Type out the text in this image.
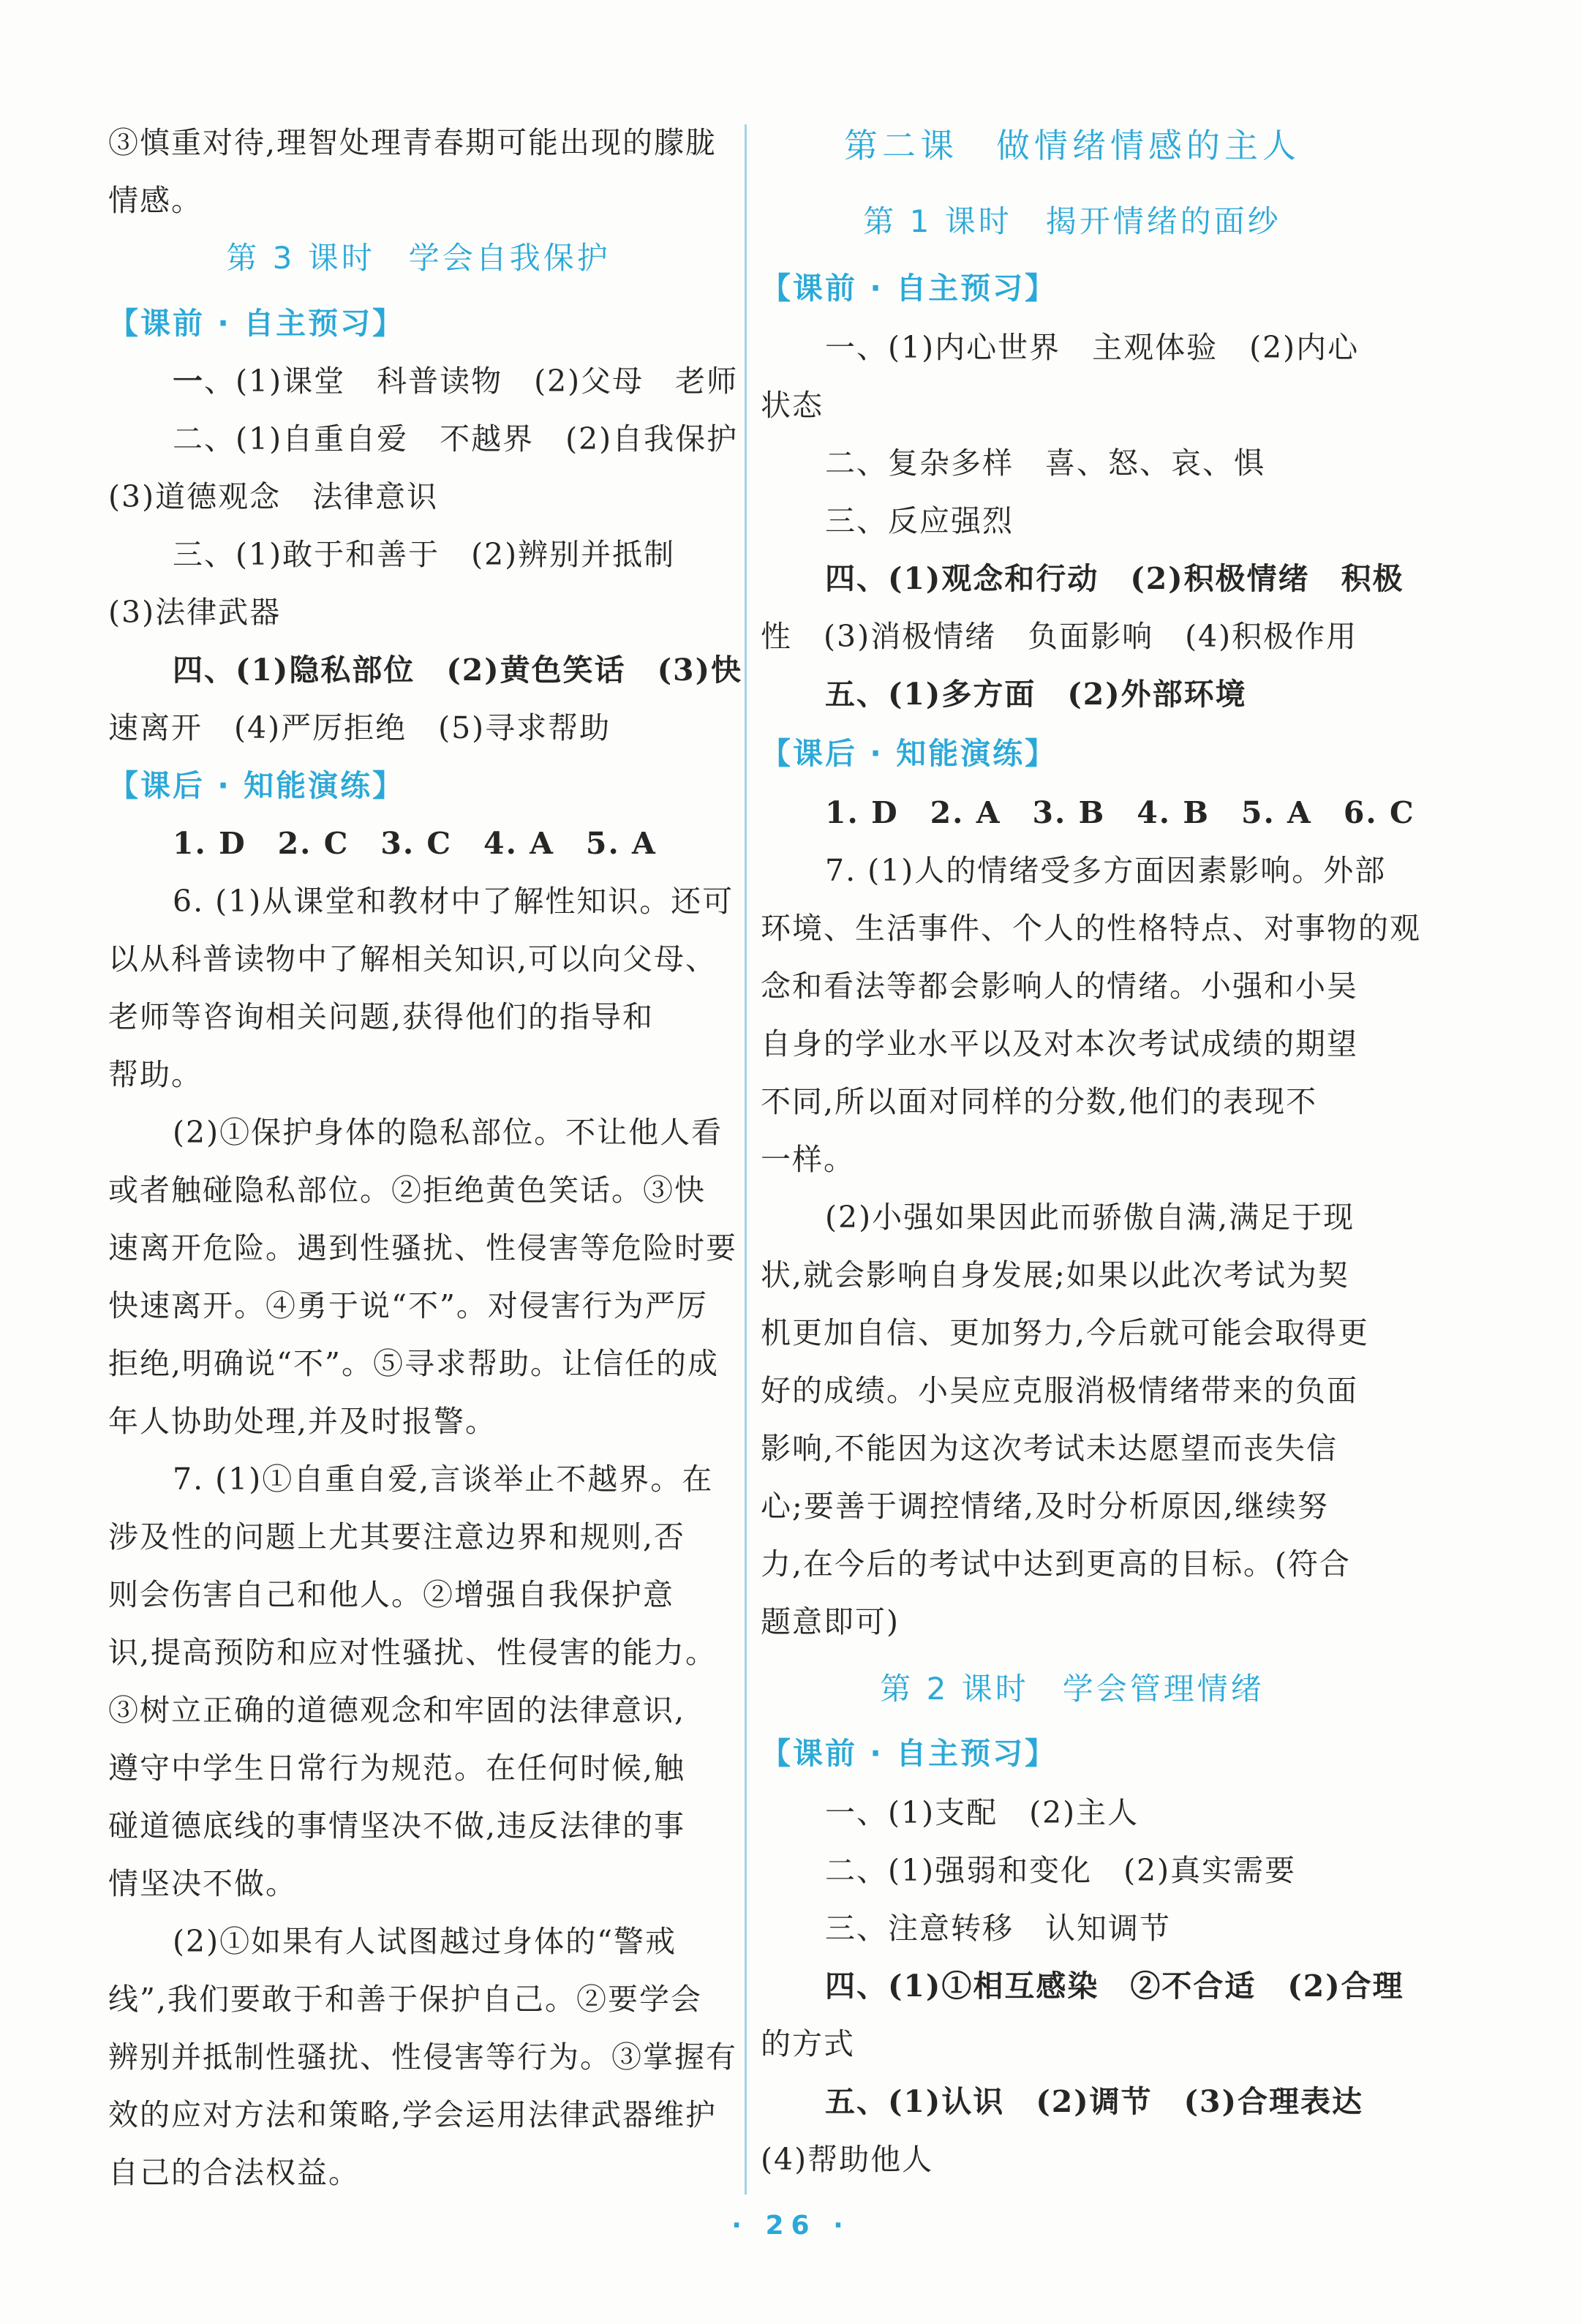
③慎重对待,理智处理青春期可能出现的朦胧
情感。
第 3 课时　学会自我保护
【课前 · 自主预习】
一、(1)课堂　科普读物　(2)父母　老师
二、(1)自重自爱　不越界　(2)自我保护
(3)道德观念　法律意识
三、(1)敢于和善于　(2)辨别并抵制
(3)法律武器
四、(1)隐私部位　(2)黄色笑话　(3)快
速离开　(4)严厉拒绝　(5)寻求帮助
【课后 · 知能演练】
1. D　2. C　3. C　4. A　5. A
6. (1)从课堂和教材中了解性知识。还可
以从科普读物中了解相关知识,可以向父母、
老师等咨询相关问题,获得他们的指导和
帮助。
(2)①保护身体的隐私部位。不让他人看
或者触碰隐私部位。②拒绝黄色笑话。③快
速离开危险。遇到性骚扰、性侵害等危险时要
快速离开。④勇于说“不”。对侵害行为严厉
拒绝,明确说“不”。⑤寻求帮助。让信任的成
年人协助处理,并及时报警。
7. (1)①自重自爱,言谈举止不越界。在
涉及性的问题上尤其要注意边界和规则,否
则会伤害自己和他人。②增强自我保护意
识,提高预防和应对性骚扰、性侵害的能力。
③树立正确的道德观念和牢固的法律意识,
遵守中学生日常行为规范。在任何时候,触
碰道德底线的事情坚决不做,违反法律的事
情坚决不做。
(2)①如果有人试图越过身体的“警戒
线”,我们要敢于和善于保护自己。②要学会
辨别并抵制性骚扰、性侵害等行为。③掌握有
效的应对方法和策略,学会运用法律武器维护
自己的合法权益。
第二课　做情绪情感的主人
第 1 课时　揭开情绪的面纱
【课前 · 自主预习】
一、(1)内心世界　主观体验　(2)内心
状态
二、复杂多样　喜、怒、哀、惧
三、反应强烈
四、(1)观念和行动　(2)积极情绪　积极
性　(3)消极情绪　负面影响　(4)积极作用
五、(1)多方面　(2)外部环境
【课后 · 知能演练】
1. D　2. A　3. B　4. B　5. A　6. C
7. (1)人的情绪受多方面因素影响。外部
环境、生活事件、个人的性格特点、对事物的观
念和看法等都会影响人的情绪。小强和小吴
自身的学业水平以及对本次考试成绩的期望
不同,所以面对同样的分数,他们的表现不
一样。
(2)小强如果因此而骄傲自满,满足于现
状,就会影响自身发展;如果以此次考试为契
机更加自信、更加努力,今后就可能会取得更
好的成绩。小吴应克服消极情绪带来的负面
影响,不能因为这次考试未达愿望而丧失信
心;要善于调控情绪,及时分析原因,继续努
力,在今后的考试中达到更高的目标。(符合
题意即可)
第 2 课时　学会管理情绪
【课前 · 自主预习】
一、(1)支配　(2)主人
二、(1)强弱和变化　(2)真实需要
三、注意转移　认知调节
四、(1)①相互感染　②不合适　(2)合理
的方式
五、(1)认识　(2)调节　(3)合理表达
(4)帮助他人
· 26 ·
